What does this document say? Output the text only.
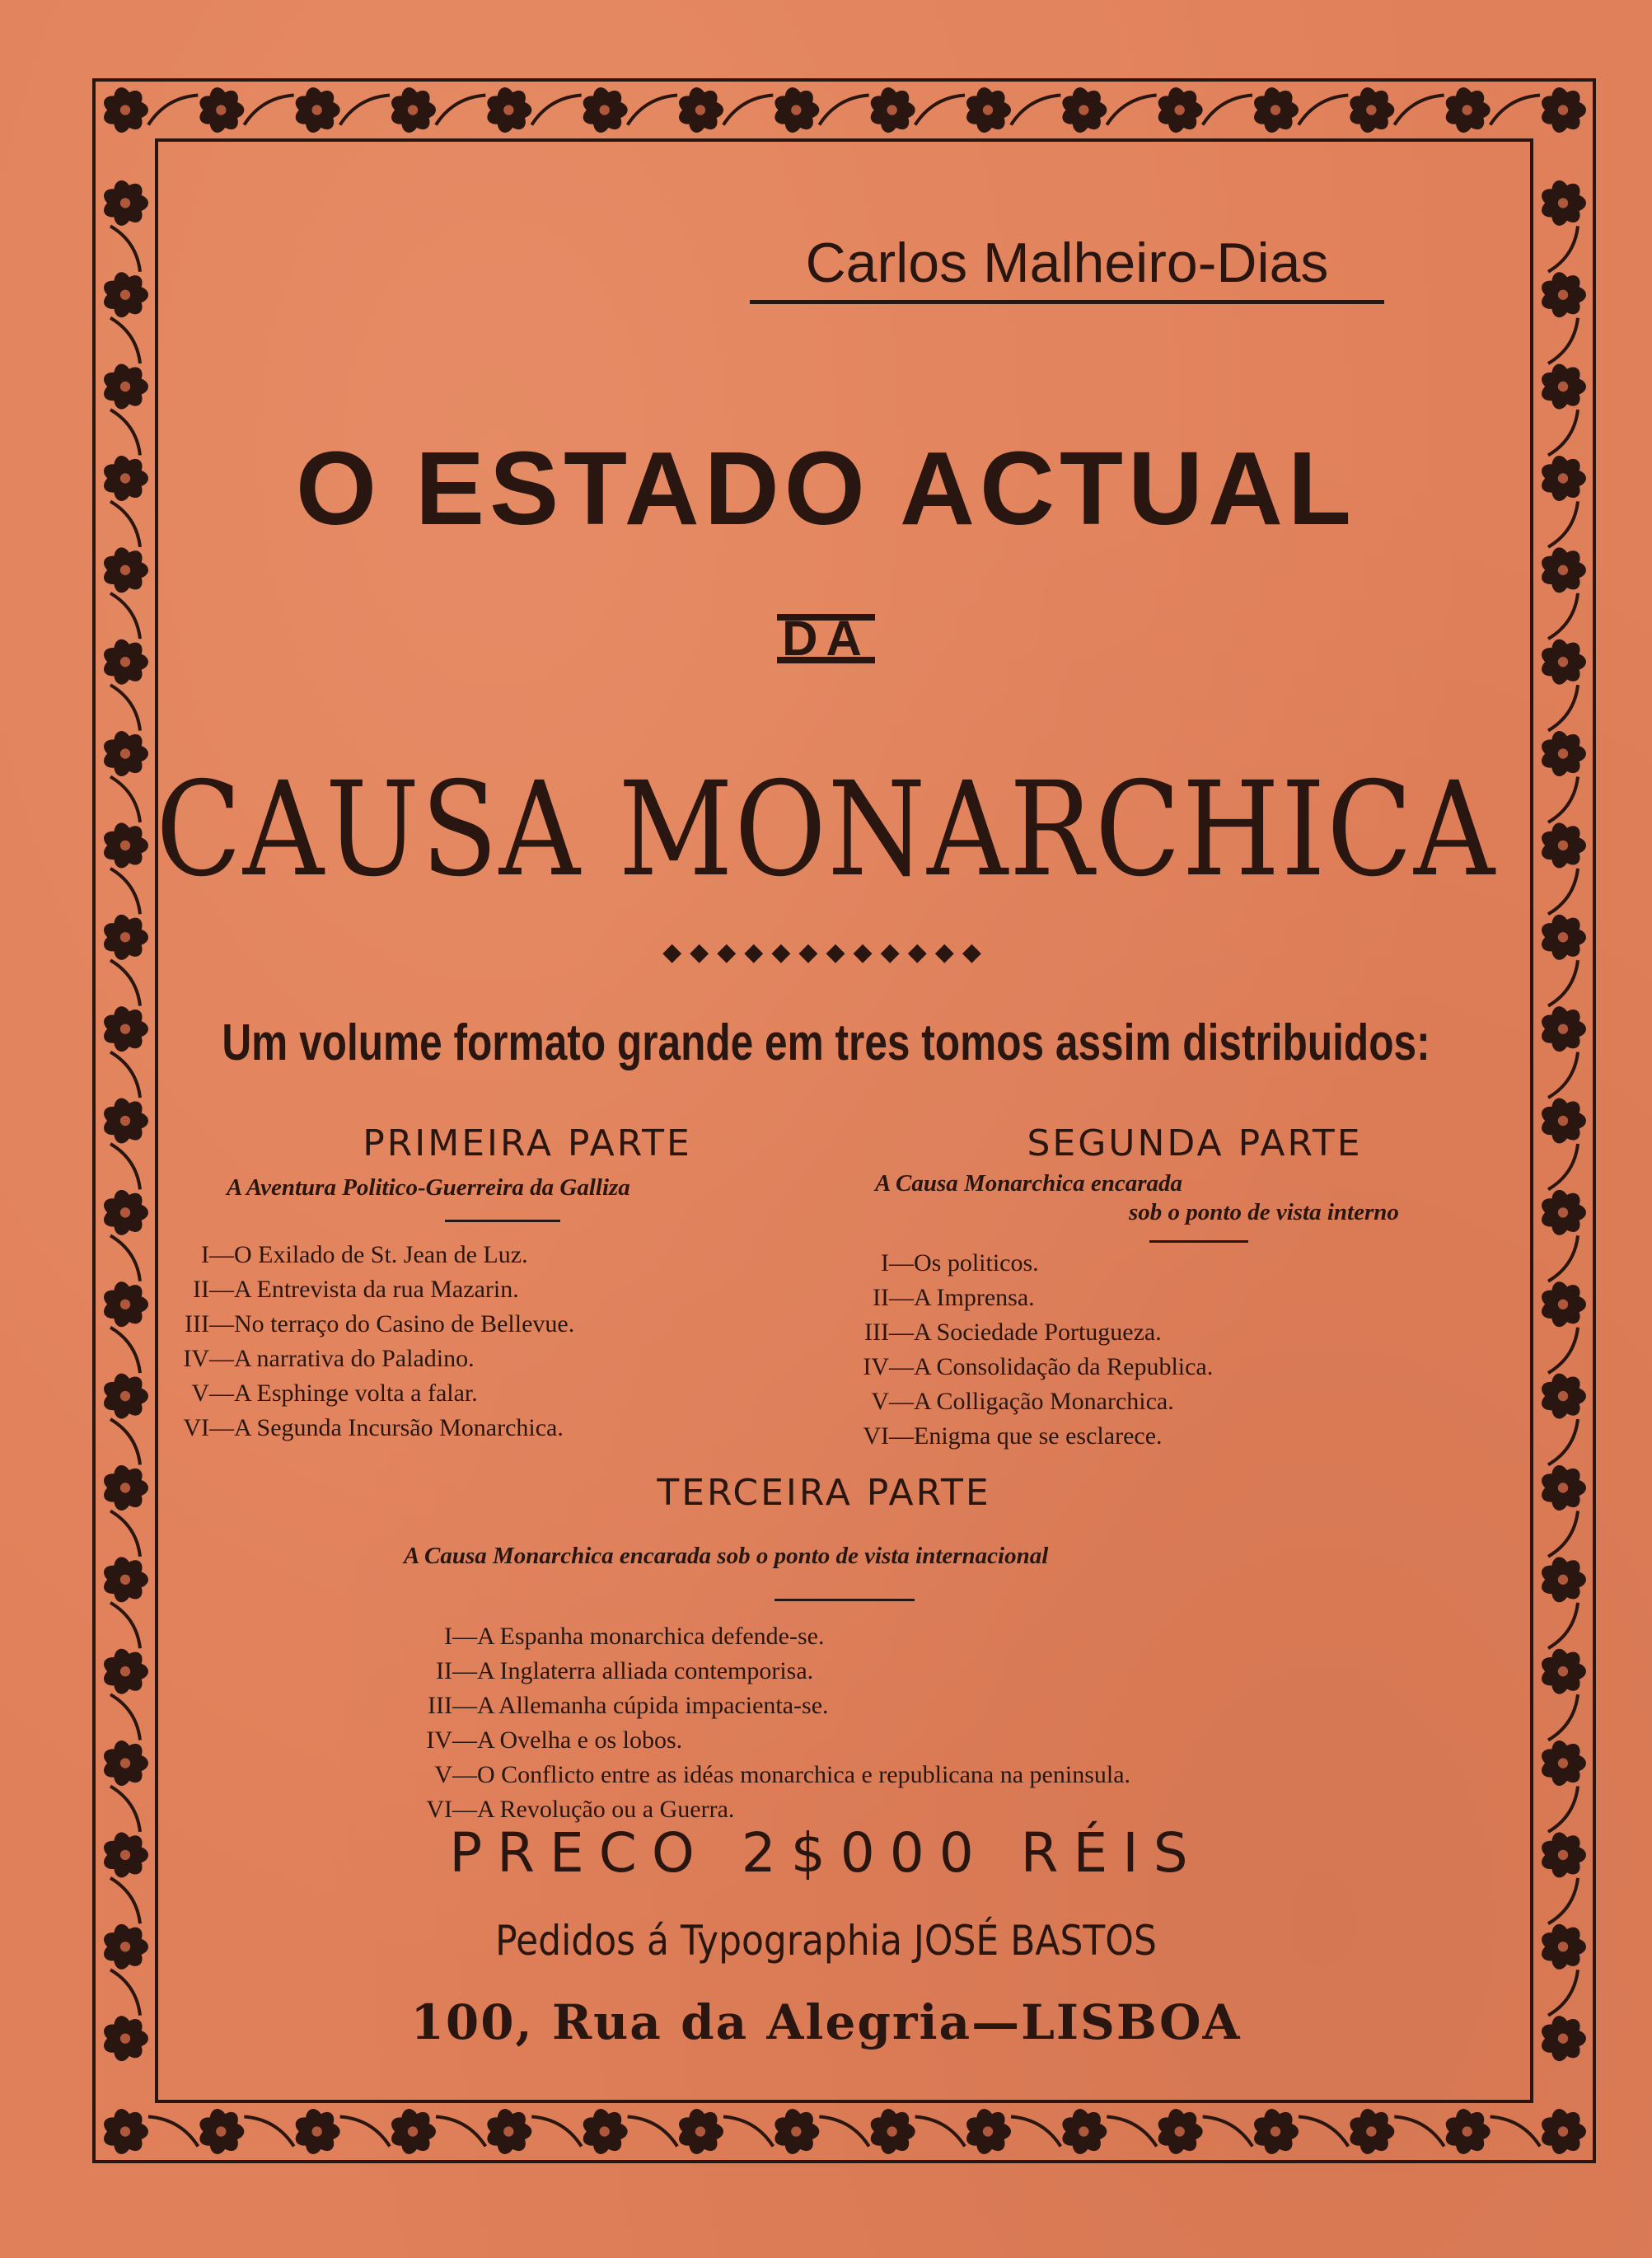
Carlos Malheiro-Dias
O ESTADO ACTUAL
DA
CAUSA MONARCHICA
◆◆◆◆◆◆◆◆◆◆◆◆
Um volume formato grande em tres tomos assim distribuidos:
PRIMEIRA PARTE
A Aventura Politico-Guerreira da Galliza
I — O Exilado de St. Jean de Luz.
II — A Entrevista da rua Mazarin.
III — No terraço do Casino de Bellevue.
IV — A narrativa do Paladino.
V — A Esphinge volta a falar.
VI — A Segunda Incursão Monarchica.
SEGUNDA PARTE
A Causa Monarchica encarada
sob o ponto de vista interno
I — Os politicos.
II — A Imprensa.
III — A Sociedade Portugueza.
IV — A Consolidação da Republica.
V — A Colligação Monarchica.
VI — Enigma que se esclarece.
TERCEIRA PARTE
A Causa Monarchica encarada sob o ponto de vista internacional
I — A Espanha monarchica defende-se.
II — A Inglaterra alliada contemporisa.
III — A Allemanha cúpida impacienta-se.
IV — A Ovelha e os lobos.
V — O Conflicto entre as idéas monarchica e republicana na peninsula.
VI — A Revolução ou a Guerra.
PRECO 2$000 RÉIS
Pedidos á Typographia JOSÉ BASTOS
100, Rua da Alegria—LISBOA
